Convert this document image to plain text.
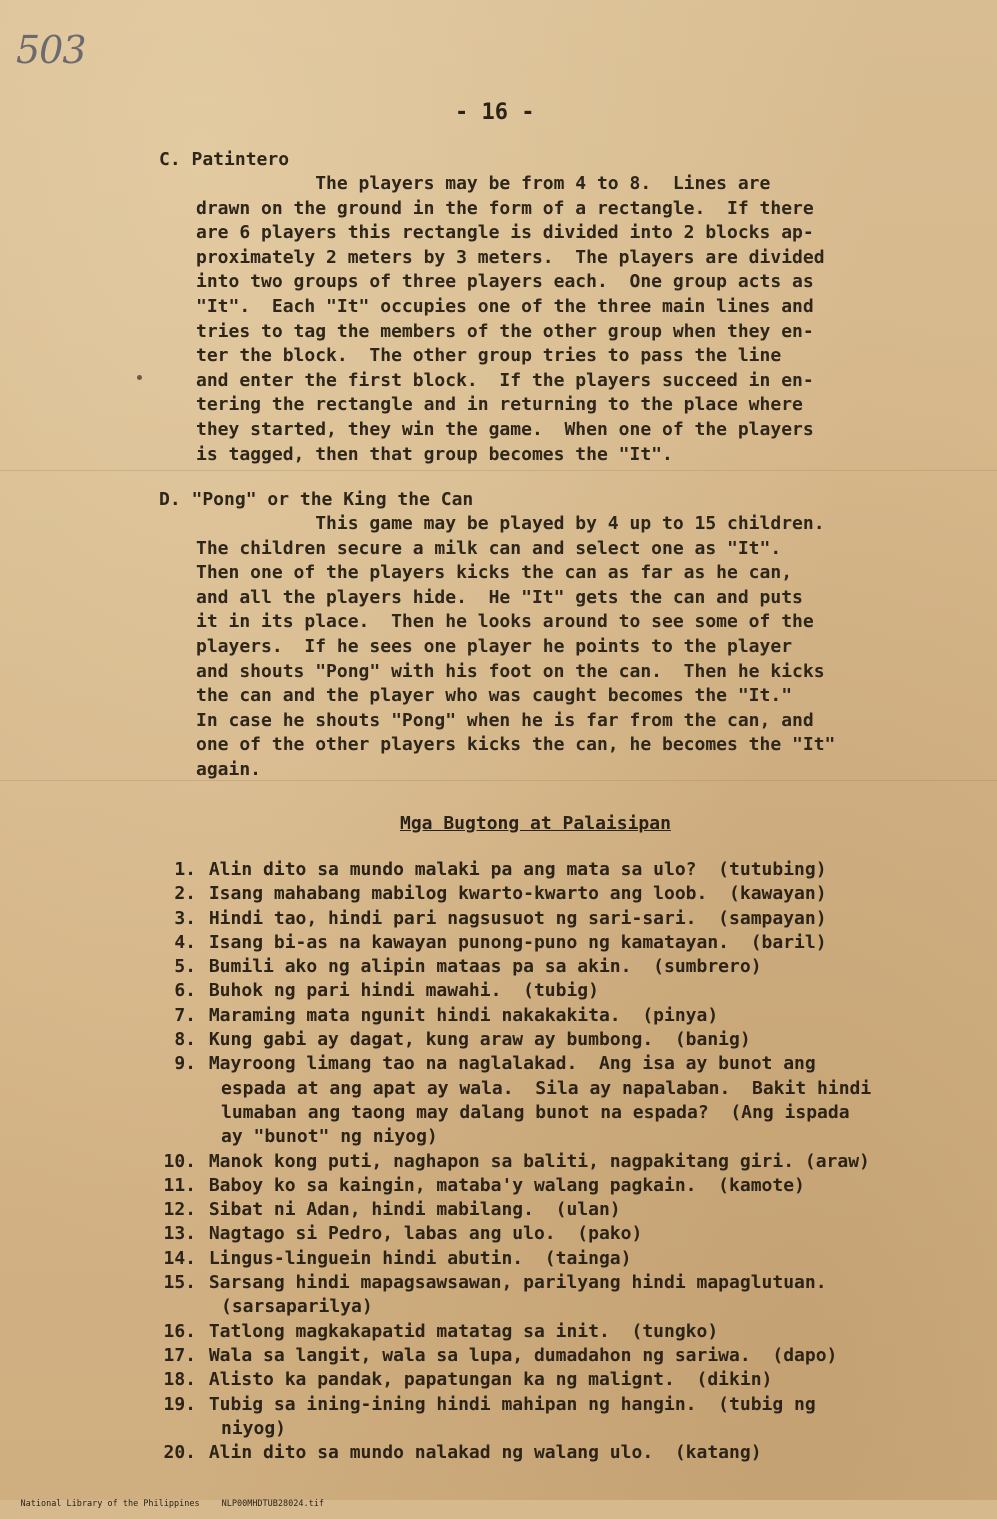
503
- 16 -
C. Patintero
The players may be from 4 to 8.  Lines are
drawn on the ground in the form of a rectangle.  If there
are 6 players this rectangle is divided into 2 blocks ap-
proximately 2 meters by 3 meters.  The players are divided
into two groups of three players each.  One group acts as
"It".  Each "It" occupies one of the three main lines and
tries to tag the members of the other group when they en-
ter the block.  The other group tries to pass the line
and enter the first block.  If the players succeed in en-
tering the rectangle and in returning to the place where
they started, they win the game.  When one of the players
is tagged, then that group becomes the "It".
D. "Pong" or the King the Can
This game may be played by 4 up to 15 children.
The children secure a milk can and select one as "It".
Then one of the players kicks the can as far as he can,
and all the players hide.  He "It" gets the can and puts
it in its place.  Then he looks around to see some of the
players.  If he sees one player he points to the player
and shouts "Pong" with his foot on the can.  Then he kicks
the can and the player who was caught becomes the "It."
In case he shouts "Pong" when he is far from the can, and
one of the other players kicks the can, he becomes the "It"
again.
Mga Bugtong at Palaisipan
1. Alin dito sa mundo malaki pa ang mata sa ulo?  (tutubing)
2. Isang mahabang mabilog kwarto-kwarto ang loob.  (kawayan)
3. Hindi tao, hindi pari nagsusuot ng sari-sari.  (sampayan)
4. Isang bi-as na kawayan punong-puno ng kamatayan.  (baril)
5. Bumili ako ng alipin mataas pa sa akin.  (sumbrero)
6. Buhok ng pari hindi mawahi.  (tubig)
7. Maraming mata ngunit hindi nakakakita.  (pinya)
8. Kung gabi ay dagat, kung araw ay bumbong.  (banig)
9. Mayroong limang tao na naglalakad.  Ang isa ay bunot ang
espada at ang apat ay wala.  Sila ay napalaban.  Bakit hindi
lumaban ang taong may dalang bunot na espada?  (Ang ispada
ay "bunot" ng niyog)
10. Manok kong puti, naghapon sa baliti, nagpakitang giri. (araw)
11. Baboy ko sa kaingin, mataba'y walang pagkain.  (kamote)
12. Sibat ni Adan, hindi mabilang.  (ulan)
13. Nagtago si Pedro, labas ang ulo.  (pako)
14. Lingus-linguein hindi abutin.  (tainga)
15. Sarsang hindi mapagsawsawan, parilyang hindi mapaglutuan.
(sarsaparilya)
16. Tatlong magkakapatid matatag sa init.  (tungko)
17. Wala sa langit, wala sa lupa, dumadahon ng sariwa.  (dapo)
18. Alisto ka pandak, papatungan ka ng malignt.  (dikin)
19. Tubig sa ining-ining hindi mahipan ng hangin.  (tubig ng
niyog)
20. Alin dito sa mundo nalakad ng walang ulo.  (katang)

National Library of the Philippines	NLP00MHDTUB28024.tif
